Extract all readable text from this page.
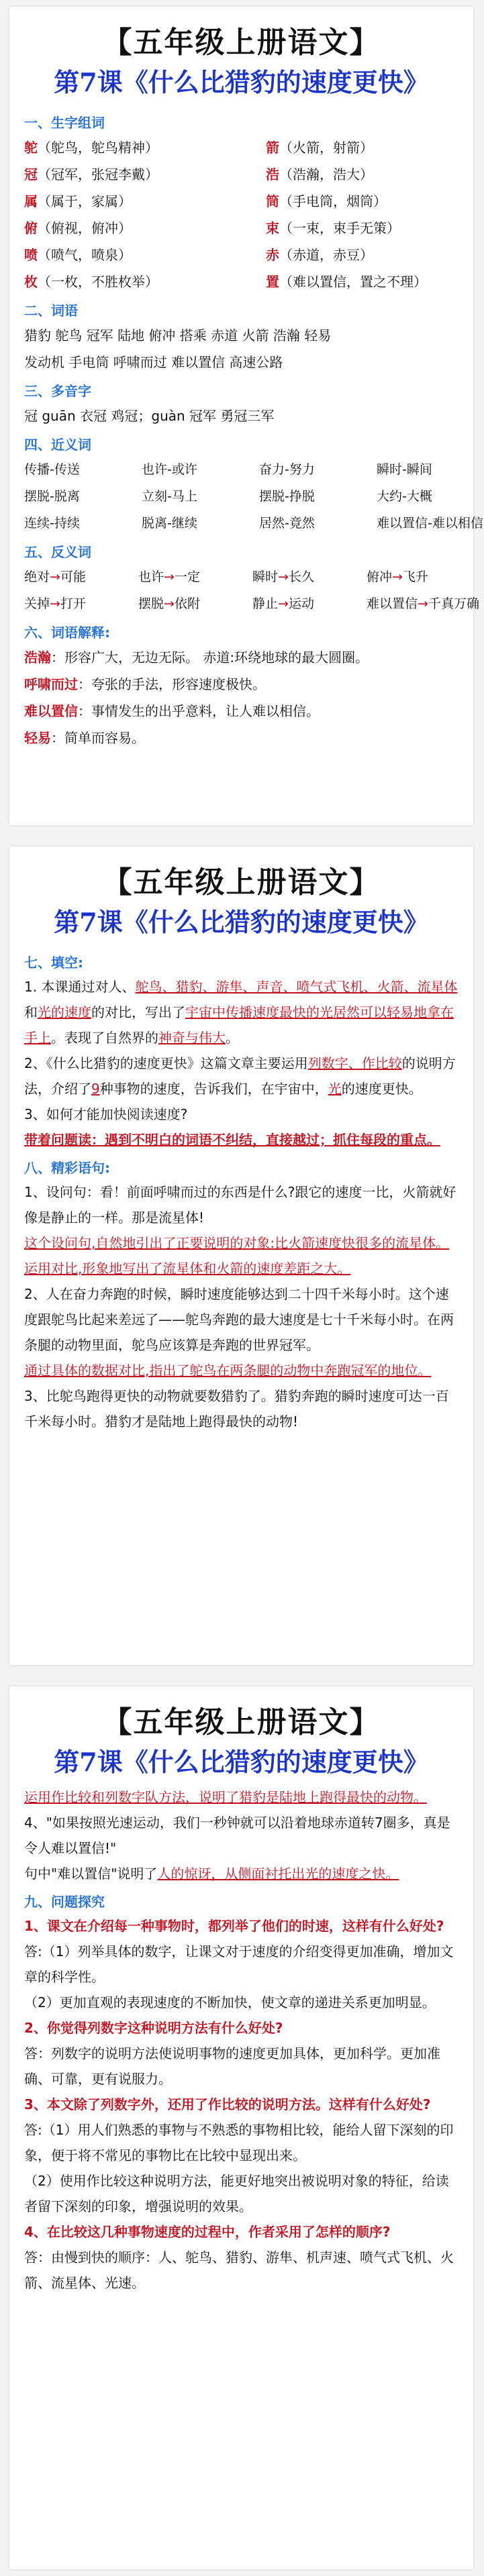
【五年级上册语文】
第7课《什么比猎豹的速度更快》
一、生字组词
鸵（鸵鸟，鸵鸟精神）	箭（火箭，射箭）
冠（冠军，张冠李戴）	浩（浩瀚，浩大）
属（属于，家属）	筒（手电筒，烟筒）
俯（俯视，俯冲）	束（一束，束手无策）
喷（喷气，喷泉）	赤（赤道，赤豆）
枚（一枚，不胜枚举）	置（难以置信，置之不理）
二、词语
猎豹 鸵鸟 冠军 陆地 俯冲 搭乘 赤道 火箭 浩瀚 轻易
发动机 手电筒 呼啸而过 难以置信 高速公路
三、多音字
冠 guān 衣冠 鸡冠；guàn 冠军 勇冠三军
四、近义词
传播-传送	也许-或许	奋力-努力	瞬时-瞬间
摆脱-脱离	立刻-马上	摆脱-挣脱	大约-大概
连续-持续	脱离-继续	居然-竟然	难以置信-难以相信
五、反义词
绝对→可能	也许→一定	瞬时→长久	俯冲→飞升
关掉→打开	摆脱→依附	静止→运动	难以置信→千真万确
六、词语解释:
浩瀚：形容广大，无边无际。 赤道:环绕地球的最大圆圈。
呼啸而过：夸张的手法，形容速度极快。
难以置信：事情发生的出乎意料，让人难以相信。
轻易：简单而容易。
【五年级上册语文】
第7课《什么比猎豹的速度更快》
七、填空:
1. 本课通过对人、鸵鸟、猎豹、游隼、声音、喷气式飞机、火箭、流星体和光的速度的对比，写出了宇宙中传播速度最快的光居然可以轻易地拿在手上。表现了自然界的神奇与伟大。
2、《什么比猎豹的速度更快》这篇文章主要运用列数字、作比较的说明方法，介绍了9种事物的速度，告诉我们，在宇宙中，光的速度更快。
3、如何才能加快阅读速度?
带着问题读：遇到不明白的词语不纠结，直接越过；抓住每段的重点。
八、精彩语句:
1、设问句：看！前面呼啸而过的东西是什么?跟它的速度一比，火箭就好像是静止的一样。那是流星体!
这个设问句,自然地引出了正要说明的对象:比火箭速度快很多的流星体。运用对比,形象地写出了流星体和火箭的速度差距之大。
2、人在奋力奔跑的时候，瞬时速度能够达到二十四千米每小时。这个速度跟鸵鸟比起来差远了——鸵鸟奔跑的最大速度是七十千米每小时。在两条腿的动物里面，鸵鸟应该算是奔跑的世界冠军。
通过具体的数据对比,指出了鸵鸟在两条腿的动物中奔跑冠军的地位。
3、比鸵鸟跑得更快的动物就要数猎豹了。猎豹奔跑的瞬时速度可达一百千米每小时。猎豹才是陆地上跑得最快的动物!
【五年级上册语文】
第7课《什么比猎豹的速度更快》
运用作比较和列数字队方法，说明了猎豹是陆地上跑得最快的动物。
4、"如果按照光速运动，我们一秒钟就可以沿着地球赤道转7圈多，真是令人难以置信!"
句中"难以置信"说明了人的惊讶，从侧面衬托出光的速度之快。
九、问题探究
1、课文在介绍每一种事物时，都列举了他们的时速，这样有什么好处?
答:（1）列举具体的数字，让课文对于速度的介绍变得更加准确，增加文章的科学性。
（2）更加直观的表现速度的不断加快，使文章的递进关系更加明显。
2、你觉得列数字这种说明方法有什么好处?
答：列数字的说明方法使说明事物的速度更加具体，更加科学。更加准确、可靠，更有说服力。
3、本文除了列数字外，还用了作比较的说明方法。这样有什么好处?
答:（1）用人们熟悉的事物与不熟悉的事物相比较，能给人留下深刻的印象，便于将不常见的事物比在比较中显现出来。
（2）使用作比较这种说明方法，能更好地突出被说明对象的特征，给读者留下深刻的印象，增强说明的效果。
4、在比较这几种事物速度的过程中，作者采用了怎样的顺序?
答：由慢到快的顺序：人、鸵鸟、猎豹、游隼、机声速、喷气式飞机、火箭、流星体、光速。
